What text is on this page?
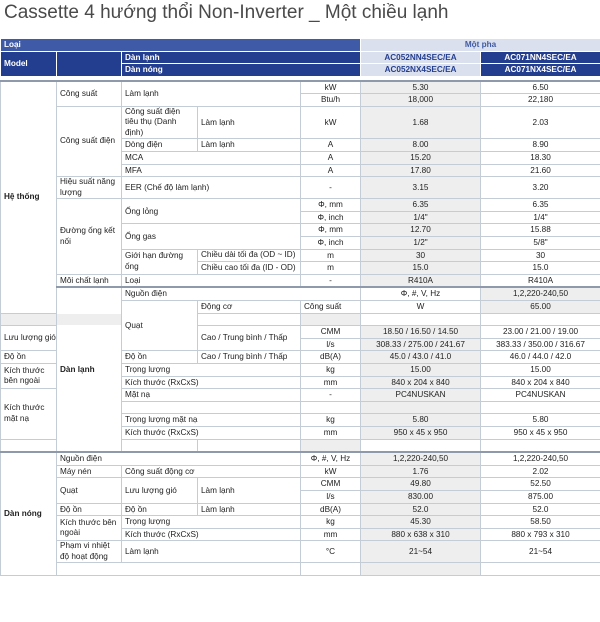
Cassette 4 hướng thổi Non-Inverter _ Một chiều lạnh
Loại					Một pha		
Model		Dàn lạnh			AC052NN4SEC/EA	AC071NN4SEC/EA	
		Dàn nóng			AC052NX4SEC/EA	AC071NX4SEC/EA	

Hệ thống	Công suất	Làm lạnh		kW	5.30	6.50	
				Btu/h	18,000	22,180	
	Công suất điện	Công suất điện tiêu thụ (Danh định)	Làm lạnh	kW	1.68	2.03	

		Dòng điện	Làm lạnh	A	8.00	8.90	
		MCA		A	15.20	18.30	
		MFA		A	17.80	21.60	
	Hiệu suất năng lượng	EER (Chế độ làm lạnh)		-	3.15	3.20	

	Đường ống kết nối	Ống lỏng		Φ, mm	6.35	6.35	
				Φ, inch	1/4"	1/4"	
		Ống gas		Φ, mm	12.70	15.88	
				Φ, inch	1/2"	5/8"	
		Giới hạn đường ống	Chiều dài tối đa (OD ~ ID)	m	30	30	

			Chiều cao tối đa (ID - OD)	m	15.0	15.0	

	Môi chất lạnh	Loại		-	R410A	R410A	
	Dàn lạnh	Nguồn điện			Φ, #, V, Hz	1,2,220-240,50	
		Quạt	Động cơ	Công suất	W	65.00	

Lưu lượng gió			Cao / Trung bình / Thấp	CMM	18.50 / 16.50 / 14.50	23.00 / 21.00 / 19.00	
				l/s	308.33 / 275.00 / 241.67	383.33 / 350.00 / 316.67	
Độ ồn		Độ ồn	Cao / Trung bình / Thấp	dB(A)	45.0 / 43.0 / 41.0	46.0 / 44.0 / 42.0	
Kích thước bên ngoài		Trọng lượng		kg	15.00	15.00	
		Kích thước (RxCxS)		mm	840 x 204 x 840	840 x 204 x 840	
Kích thước mặt nạ		Mặt nạ		-	PC4NUSKAN	PC4NUSKAN	

		Trọng lượng mặt nạ		kg	5.80	5.80	
		Kích thước (RxCxS)		mm	950 x 45 x 950	950 x 45 x 950	

Dàn nóng	Nguồn điện			Φ, #, V, Hz	1,2,220-240,50	1,2,220-240,50	
	Máy nén	Công suất động cơ		kW	1.76	2.02	
	Quạt	Lưu lượng gió	Làm lạnh	CMM	49.80	52.50	
				l/s	830.00	875.00	
	Độ ồn	Độ ồn	Làm lạnh	dB(A)	52.0	52.0	
	Kích thước bên ngoài	Trọng lượng		kg	45.30	58.50	
		Kích thước (RxCxS)		mm	880 x 638 x 310	880 x 793 x 310	
	Phạm vi nhiệt độ hoạt động	Làm lạnh		°C	21~54	21~54	
